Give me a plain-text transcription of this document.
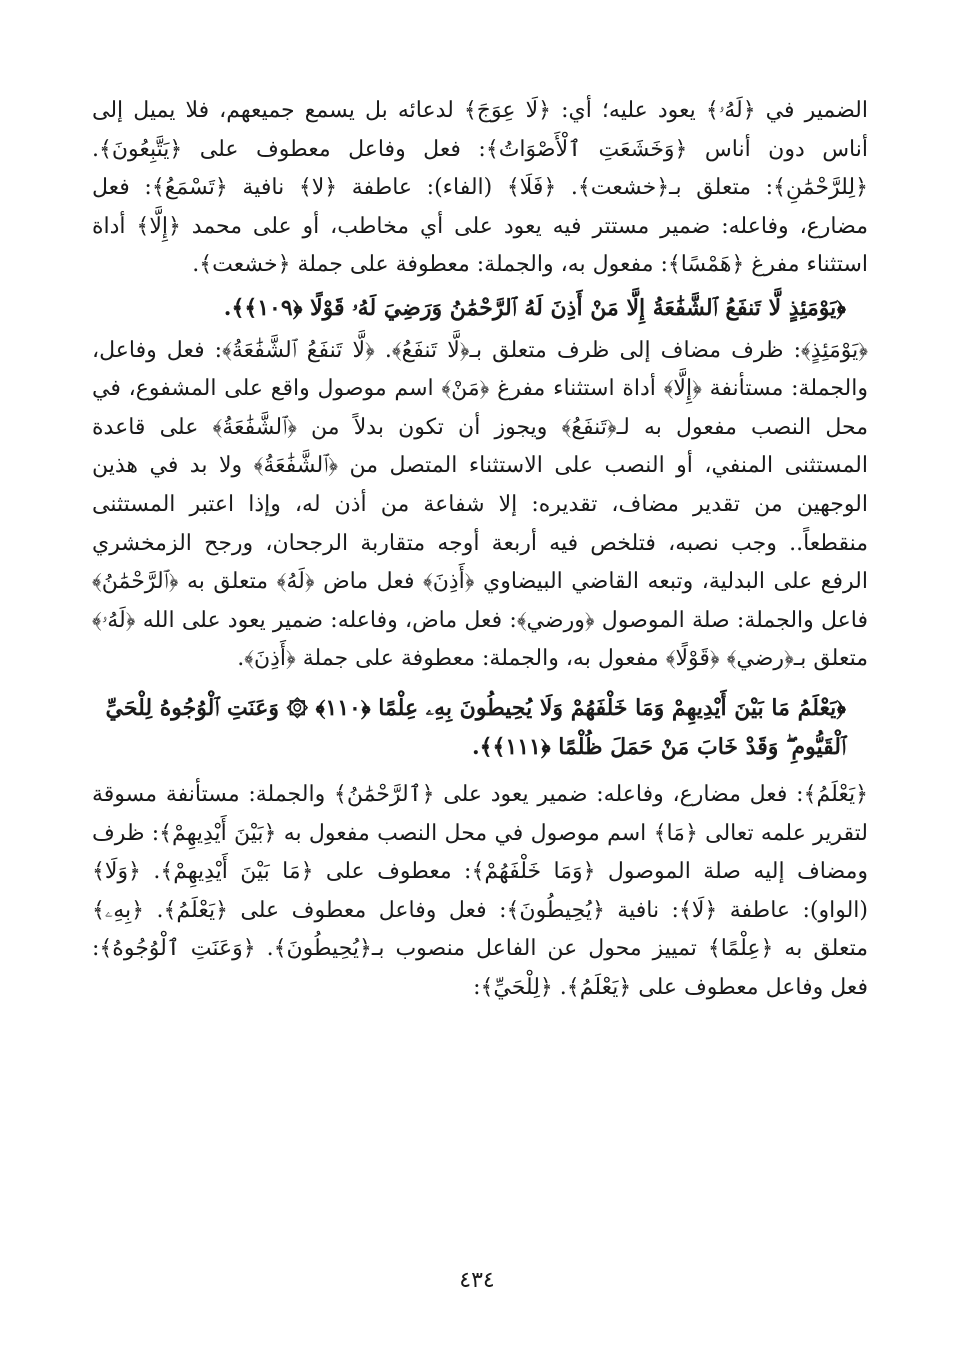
الضمير في ﴿لَهُۥ﴾ يعود عليه؛ أي: ﴿لَا عِوَجَ﴾ لدعائه بل يسمع جميعهم، فلا يميل إلى أناس دون أناس ﴿وَخَشَعَتِ ٱلْأَصْوَاتُ﴾: فعل وفاعل معطوف على ﴿يَتَّبِعُونَ﴾. ﴿لِلرَّحْمَٰنِ﴾: متعلق بـ﴿خشعت﴾. ﴿فَلَا﴾ (الفاء): عاطفة ﴿لا﴾ نافية ﴿تَسْمَعُ﴾: فعل مضارع، وفاعله: ضمير مستتر فيه يعود على أي مخاطب، أو على محمد ﴿إِلَّا﴾ أداة استثناء مفرغ ﴿هَمْسًا﴾: مفعول به، والجملة: معطوفة على جملة ﴿خشعت﴾.

﴿يَوْمَئِذٍ لَّا تَنفَعُ ٱلشَّفَٰعَةُ إِلَّا مَنْ أَذِنَ لَهُ ٱلرَّحْمَٰنُ وَرَضِيَ لَهُۥ قَوْلًا ﴿١٠٩﴾﴾.

﴿يَوْمَئِذٍ﴾: ظرف مضاف إلى ظرف متعلق بـ﴿لَّا تَنفَعُ﴾. ﴿لَّا تَنفَعُ ٱلشَّفَٰعَةُ﴾: فعل وفاعل، والجملة: مستأنفة ﴿إِلَّا﴾ أداة استثناء مفرغ ﴿مَنْ﴾ اسم موصول واقع على المشفوع، في محل النصب مفعول به لـ﴿تَنفَعُ﴾ ويجوز أن تكون بدلاً من ﴿ٱلشَّفَٰعَةُ﴾ على قاعدة المستثنى المنفي، أو النصب على الاستثناء المتصل من ﴿ٱلشَّفَٰعَةُ﴾ ولا بد في هذين الوجهين من تقدير مضاف، تقديره: إلا شفاعة من أذن له، وإذا اعتبر المستثنى منقطعاً.. وجب نصبه، فتلخص فيه أربعة أوجه متقاربة الرجحان، ورجح الزمخشري الرفع على البدلية، وتبعه القاضي البيضاوي ﴿أَذِنَ﴾ فعل ماض ﴿لَهُ﴾ متعلق به ﴿ٱلرَّحْمَٰنُ﴾ فاعل والجملة: صلة الموصول ﴿ورضي﴾: فعل ماض، وفاعله: ضمير يعود على الله ﴿لَهُۥ﴾ متعلق بـ﴿رضي﴾ ﴿قَوْلًا﴾ مفعول به، والجملة: معطوفة على جملة ﴿أَذِنَ﴾.

﴿يَعْلَمُ مَا بَيْنَ أَيْدِيهِمْ وَمَا خَلْفَهُمْ وَلَا يُحِيطُونَ بِهِۦ عِلْمًا ﴿١١٠﴾ ۞ وَعَنَتِ ٱلْوُجُوهُ لِلْحَيِّ ٱلْقَيُّومِ ۖ وَقَدْ خَابَ مَنْ حَمَلَ ظُلْمًا ﴿١١١﴾﴾.

﴿يَعْلَمُ﴾: فعل مضارع، وفاعله: ضمير يعود على ﴿ٱلرَّحْمَٰنُ﴾ والجملة: مستأنفة مسوقة لتقرير علمه تعالى ﴿مَا﴾ اسم موصول في محل النصب مفعول به ﴿بَيْنَ أَيْدِيهِمْ﴾: ظرف ومضاف إليه صلة الموصول ﴿وَمَا خَلْفَهُمْ﴾: معطوف على ﴿مَا بَيْنَ أَيْدِيهِمْ﴾. ﴿وَلَا﴾ (الواو): عاطفة ﴿لَا﴾: نافية ﴿يُحِيطُونَ﴾: فعل وفاعل معطوف على ﴿يَعْلَمُ﴾. ﴿بِهِۦ﴾ متعلق به ﴿عِلْمًا﴾ تمييز محول عن الفاعل منصوب بـ﴿يُحِيطُونَ﴾. ﴿وَعَنَتِ ٱلْوُجُوهُ﴾: فعل وفاعل معطوف على ﴿يَعْلَمُ﴾. ﴿لِلْحَيِّ﴾:

٤٣٤
